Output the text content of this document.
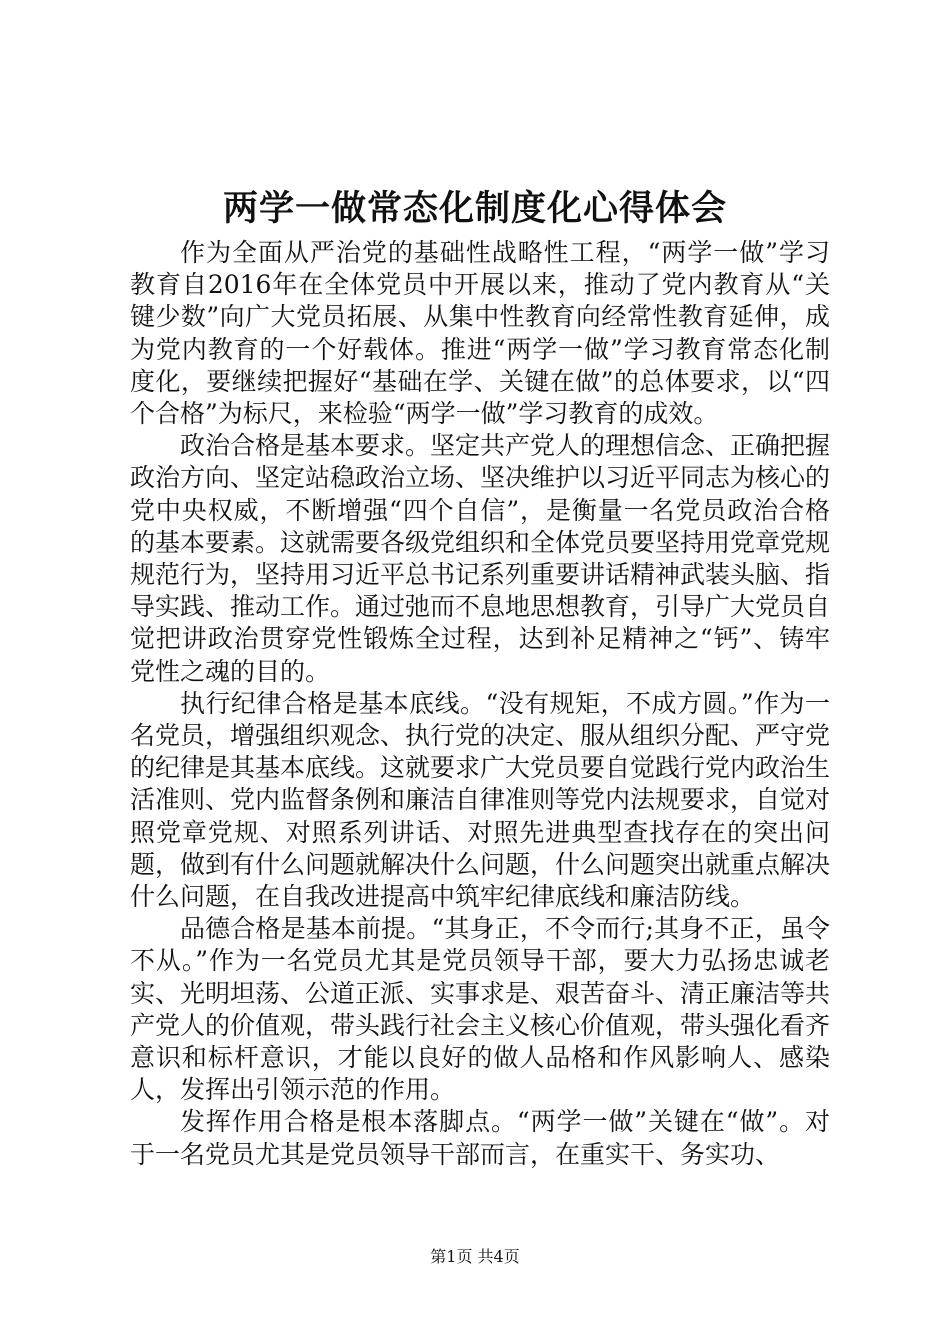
两学一做常态化制度化心得体会

作为全面从严治党的基础性战略性工程，“两学一做”学习教育自2016年在全体党员中开展以来，推动了党内教育从“关键少数”向广大党员拓展、从集中性教育向经常性教育延伸，成为党内教育的一个好载体。推进“两学一做”学习教育常态化制度化，要继续把握好“基础在学、关键在做”的总体要求，以“四个合格”为标尺，来检验“两学一做”学习教育的成效。

政治合格是基本要求。坚定共产党人的理想信念、正确把握政治方向、坚定站稳政治立场、坚决维护以习近平同志为核心的党中央权威，不断增强“四个自信”，是衡量一名党员政治合格的基本要素。这就需要各级党组织和全体党员要坚持用党章党规规范行为，坚持用习近平总书记系列重要讲话精神武装头脑、指导实践、推动工作。通过弛而不息地思想教育，引导广大党员自觉把讲政治贯穿党性锻炼全过程，达到补足精神之“钙”、铸牢党性之魂的目的。

执行纪律合格是基本底线。“没有规矩，不成方圆。”作为一名党员，增强组织观念、执行党的决定、服从组织分配、严守党的纪律是其基本底线。这就要求广大党员要自觉践行党内政治生活准则、党内监督条例和廉洁自律准则等党内法规要求，自觉对照党章党规、对照系列讲话、对照先进典型查找存在的突出问题，做到有什么问题就解决什么问题，什么问题突出就重点解决什么问题，在自我改进提高中筑牢纪律底线和廉洁防线。

品德合格是基本前提。“其身正，不令而行;其身不正，虽令不从。”作为一名党员尤其是党员领导干部，要大力弘扬忠诚老实、光明坦荡、公道正派、实事求是、艰苦奋斗、清正廉洁等共产党人的价值观，带头践行社会主义核心价值观，带头强化看齐意识和标杆意识，才能以良好的做人品格和作风影响人、感染人，发挥出引领示范的作用。

发挥作用合格是根本落脚点。“两学一做”关键在“做”。对于一名党员尤其是党员领导干部而言，在重实干、务实功、

第1页 共4页
